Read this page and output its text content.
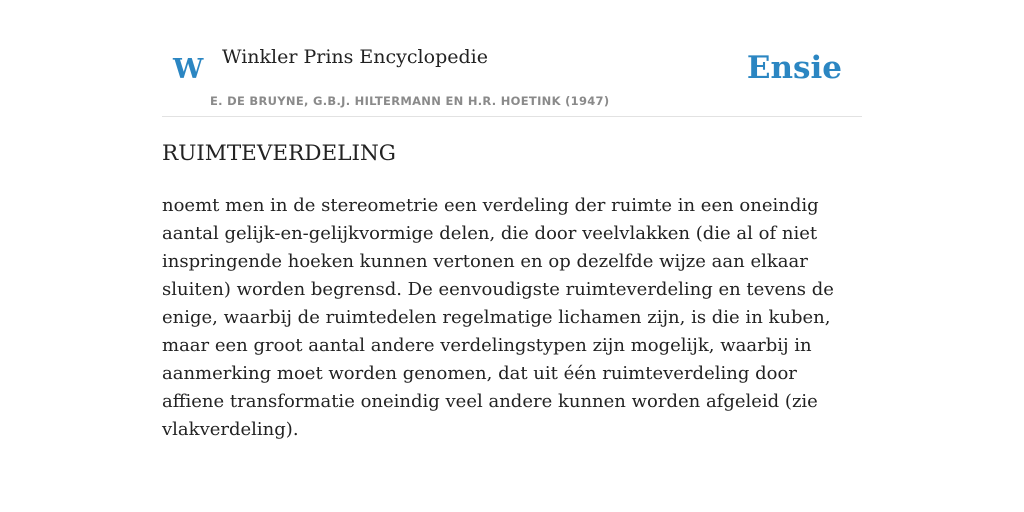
W Winkler Prins Encyclopedie
E. DE BRUYNE, G.B.J. HILTERMANN EN H.R. HOETINK (1947)
Ensie
RUIMTEVERDELING

noemt men in de stereometrie een verdeling der ruimte in een oneindig aantal gelijk-en-gelijkvormige delen, die door veelvlakken (die al of niet inspringende hoeken kunnen vertonen en op dezelfde wijze aan elkaar sluiten) worden begrensd. De eenvoudigste ruimteverdeling en tevens de enige, waarbij de ruimtedelen regelmatige lichamen zijn, is die in kuben, maar een groot aantal andere verdelingstypen zijn mogelijk, waarbij in aanmerking moet worden genomen, dat uit één ruimteverdeling door affiene transformatie oneindig veel andere kunnen worden afgeleid (zie vlakverdeling).
